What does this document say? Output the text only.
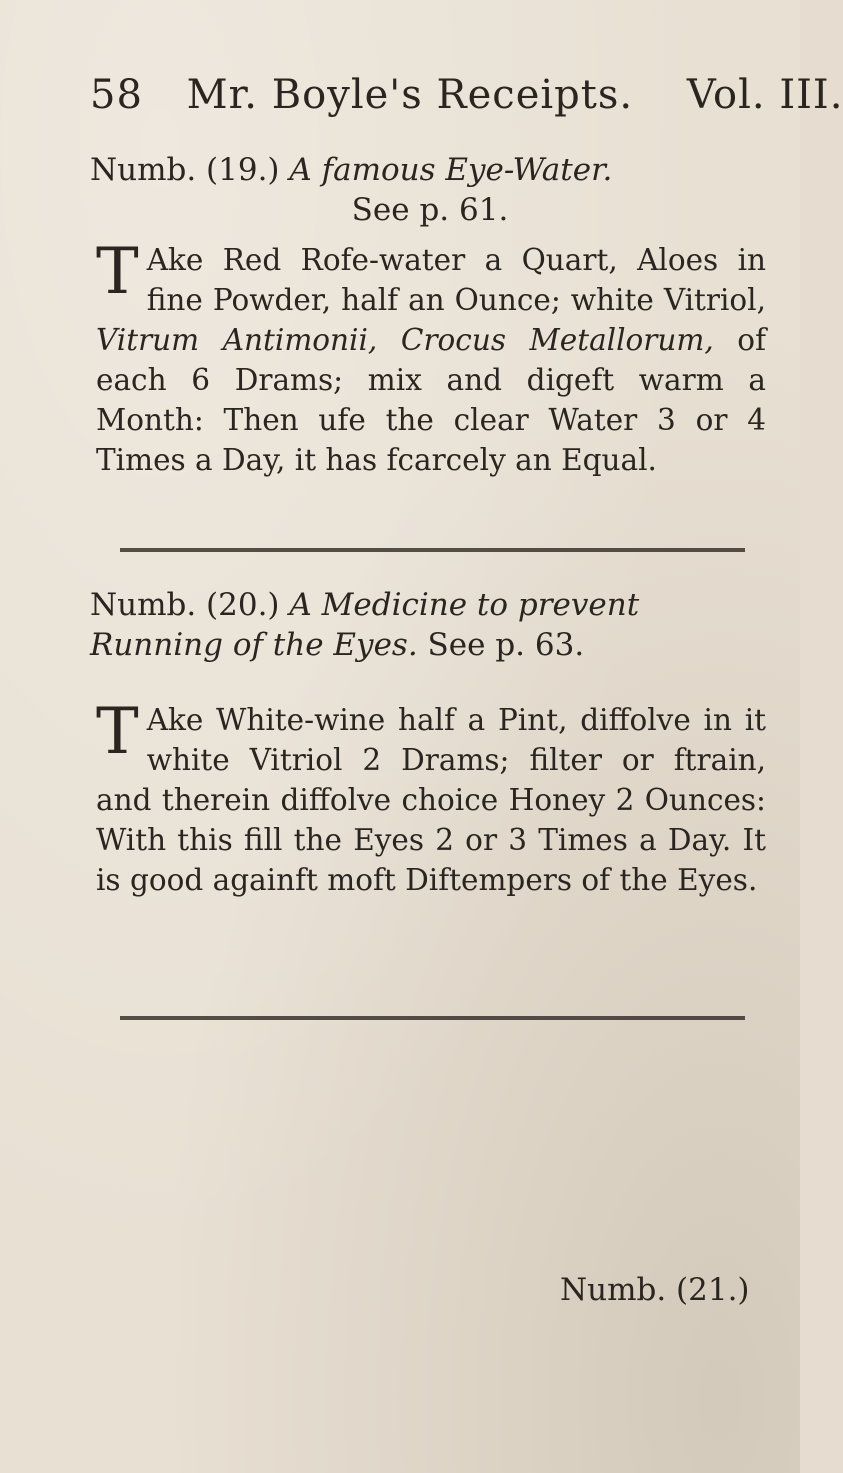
58 Mr. Boyle's Receipts. Vol. III.
Numb. (19.) A famous Eye-Water.
See p. 61.
T Ake Red Rofe-water a Quart, Aloes in fine Powder, half an Ounce; white Vitriol, Vitrum Antimonii, Crocus Metallorum, of each 6 Drams; mix and digeft warm a Month: Then ufe the clear Water 3 or 4 Times a Day, it has fcarcely an Equal.
Numb. (20.) A Medicine to prevent Running of the Eyes. See p. 63.
T Ake White-wine half a Pint, diffolve in it white Vitriol 2 Drams; filter or ftrain, and therein diffolve choice Honey 2 Ounces: With this fill the Eyes 2 or 3 Times a Day. It is good againft moft Diftempers of the Eyes.
Numb. (21.)
